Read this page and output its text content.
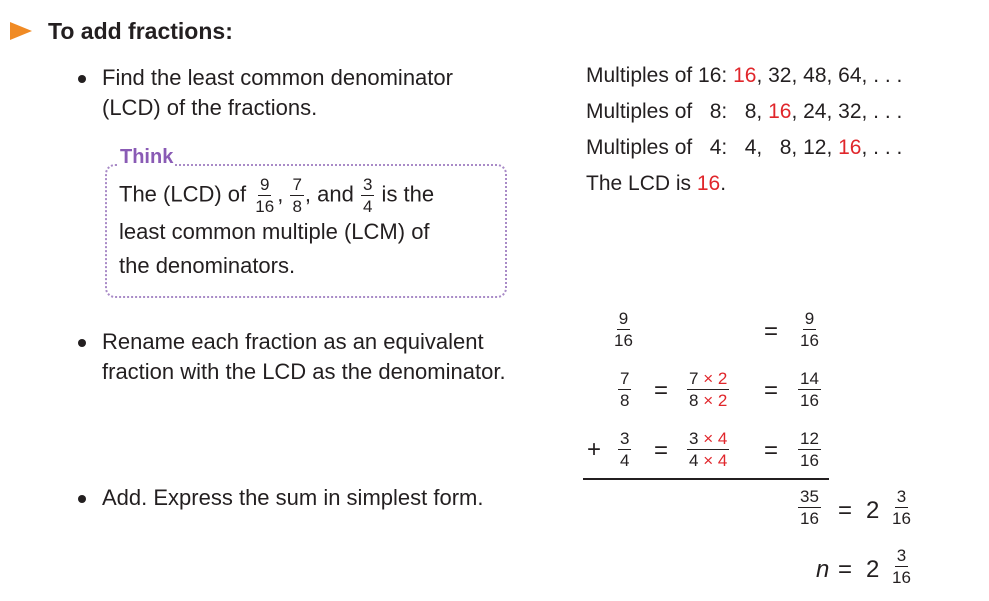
To add fractions:
Find the least common denominator
(LCD) of the fractions.
Multiples of 16: 16, 32, 48, 64, . . .
Multiples of   8:   8, 16, 24, 32, . . .
Multiples of   4:   4,   8, 12, 16, . . .
The LCD is 16.
Think
The (LCD) of $\frac{9}{16}$ , $\frac{7}{8}$ , and $\frac{3}{4}$ is the
least common multiple (LCM) of
the denominators.
Rename each fraction as an equivalent
fraction with the LCD as the denominator.
Add. Express the sum in simplest form.
$\frac{9}{16}$	= $\frac{9}{16}$
$\frac{7}{8} = \frac{7 \times 2}{8 \times 2} = \frac{14}{16}$
+ $\frac{3}{4} = \frac{3 \times 4}{4 \times 4} = \frac{12}{16}$
$\frac{35}{16} = 2 \frac{3}{16}$
$n = 2 \frac{3}{16}$
